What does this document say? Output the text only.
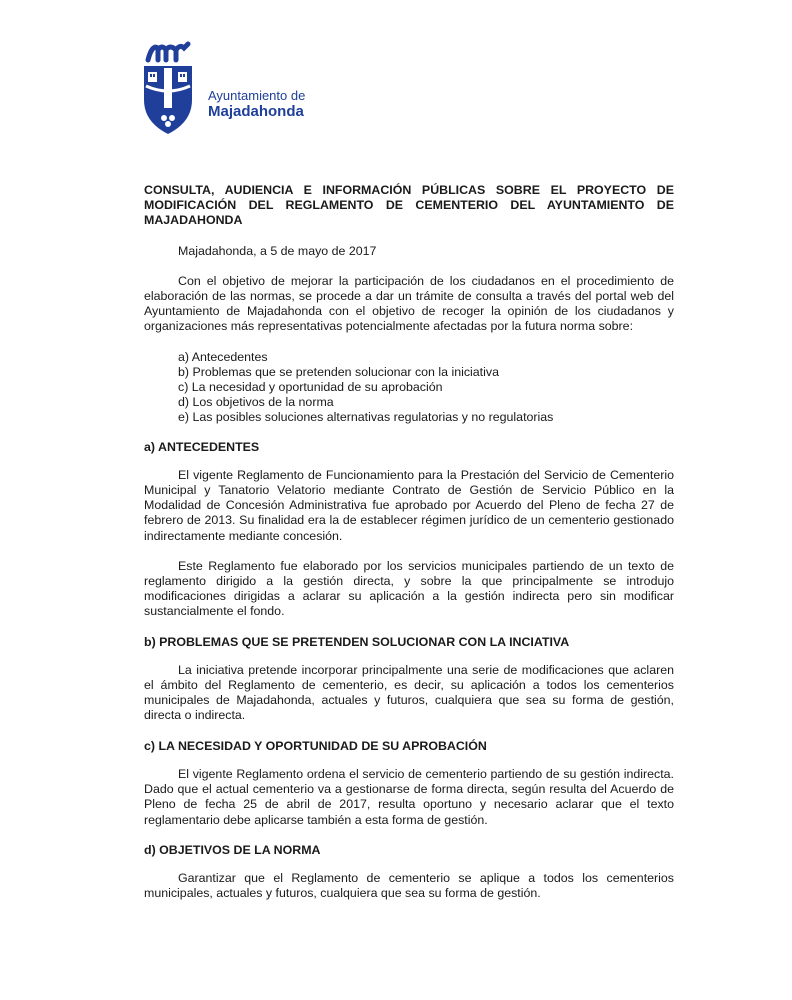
Ayuntamiento de
Majadahonda

CONSULTA, AUDIENCIA E INFORMACIÓN PÚBLICAS SOBRE EL PROYECTO DE MODIFICACIÓN DEL REGLAMENTO DE CEMENTERIO DEL AYUNTAMIENTO DE MAJADAHONDA

Majadahonda, a 5 de mayo de 2017

Con el objetivo de mejorar la participación de los ciudadanos en el procedimiento de elaboración de las normas, se procede a dar un trámite de consulta a través del portal web del Ayuntamiento de Majadahonda con el objetivo de recoger la opinión de los ciudadanos y organizaciones más representativas potencialmente afectadas por la futura norma sobre:

a) Antecedentes
b) Problemas que se pretenden solucionar con la iniciativa
c) La necesidad y oportunidad de su aprobación
d) Los objetivos de la norma
e) Las posibles soluciones alternativas regulatorias y no regulatorias

a) ANTECEDENTES

El vigente Reglamento de Funcionamiento para la Prestación del Servicio de Cementerio Municipal y Tanatorio Velatorio mediante Contrato de Gestión de Servicio Público en la Modalidad de Concesión Administrativa fue aprobado por Acuerdo del Pleno de fecha 27 de febrero de 2013. Su finalidad era la de establecer régimen jurídico de un cementerio gestionado indirectamente mediante concesión.

Este Reglamento fue elaborado por los servicios municipales partiendo de un texto de reglamento dirigido a la gestión directa, y sobre la que principalmente se introdujo modificaciones dirigidas a aclarar su aplicación a la gestión indirecta pero sin modificar sustancialmente el fondo.

b) PROBLEMAS QUE SE PRETENDEN SOLUCIONAR CON LA INCIATIVA

La iniciativa pretende incorporar principalmente una serie de modificaciones que aclaren el ámbito del Reglamento de cementerio, es decir, su aplicación a todos los cementerios municipales de Majadahonda, actuales y futuros, cualquiera que sea su forma de gestión, directa o indirecta.

c) LA NECESIDAD Y OPORTUNIDAD DE SU APROBACIÓN

El vigente Reglamento ordena el servicio de cementerio partiendo de su gestión indirecta. Dado que el actual cementerio va a gestionarse de forma directa, según resulta del Acuerdo de Pleno de fecha 25 de abril de 2017, resulta oportuno y necesario aclarar que el texto reglamentario debe aplicarse también a esta forma de gestión.

d) OBJETIVOS DE LA NORMA

Garantizar que el Reglamento de cementerio se aplique a todos los cementerios municipales, actuales y futuros, cualquiera que sea su forma de gestión.
